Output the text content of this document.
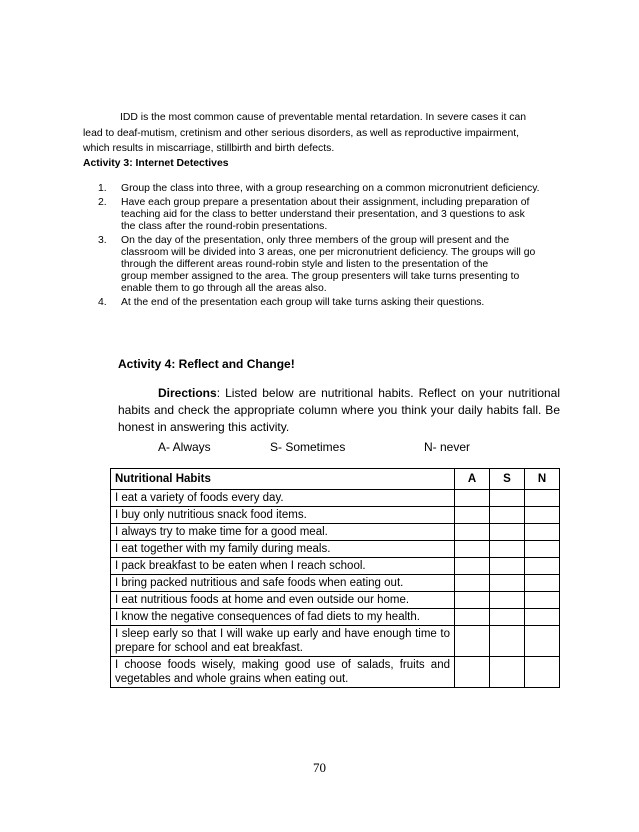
IDD is the most common cause of preventable mental retardation. In severe cases it can
lead to deaf-mutism, cretinism and other serious disorders, as well as reproductive impairment,
which results in miscarriage, stillbirth and birth defects.
Activity 3: Internet Detectives
1. Group the class into three, with a group researching on a common micronutrient deficiency.
2. Have each group prepare a presentation about their assignment, including preparation of
teaching aid for the class to better understand their presentation, and 3 questions to ask
the class after the round-robin presentations.
3. On the day of the presentation, only three members of the group will present and the
classroom will be divided into 3 areas, one per micronutrient deficiency. The groups will go
through the different areas round-robin style and listen to the presentation of the
group member assigned to the area. The group presenters will take turns presenting to
enable them to go through all the areas also.
4. At the end of the presentation each group will take turns asking their questions.
Activity 4: Reflect and Change!
Directions: Listed below are nutritional habits. Reflect on your nutritional habits and check the appropriate column where you think your daily habits fall. Be honest in answering this activity.
A- Always	S- Sometimes	N- never
Nutritional Habits	A	S	N
I eat a variety of foods every day.			
I buy only nutritious snack food items.			
I always try to make time for a good meal.			
I eat together with my family during meals.			
I pack breakfast to be eaten when I reach school.			
I bring packed nutritious and safe foods when eating out.			
I eat nutritious foods at home and even outside our home.			
I know the negative consequences of fad diets to my health.			
I sleep early so that I will wake up early and have enough time to prepare for school and eat breakfast.			
I choose foods wisely, making good use of salads, fruits and vegetables and whole grains when eating out.			
70
